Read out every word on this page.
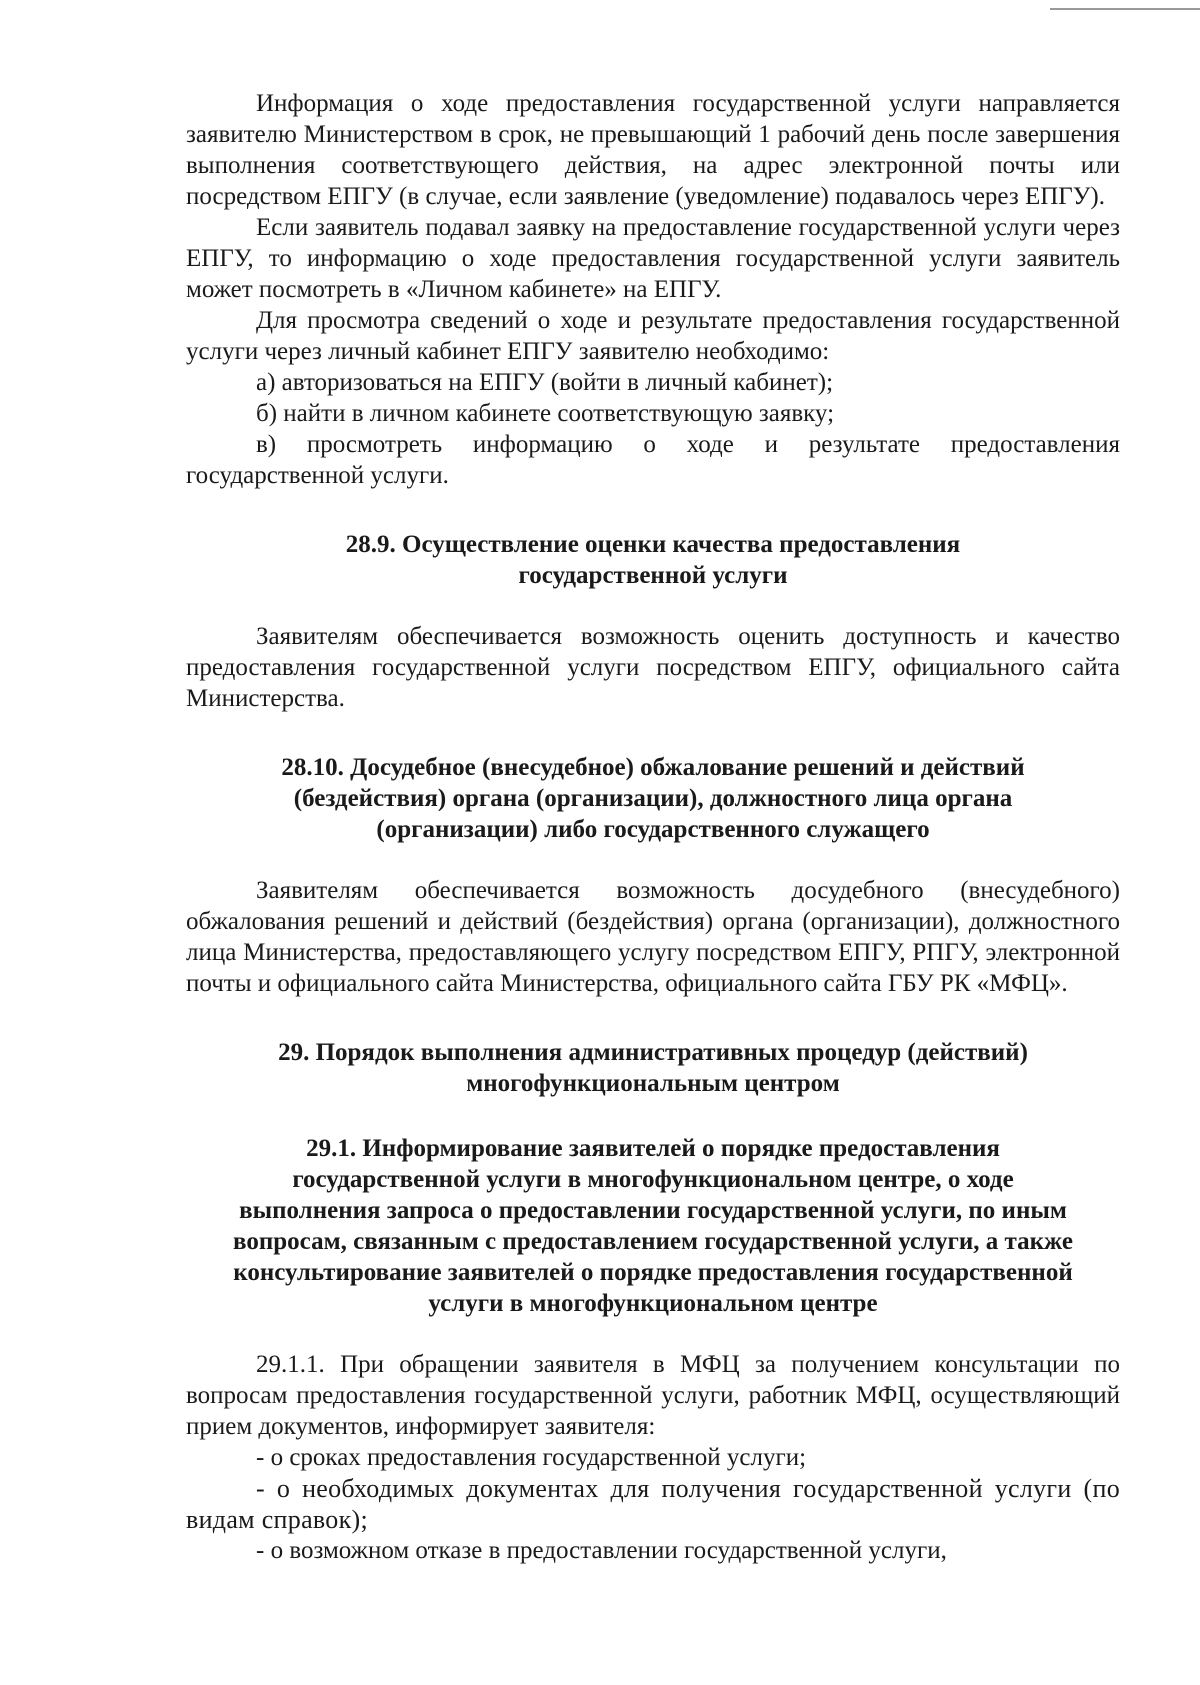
Информация о ходе предоставления государственной услуги направляется заявителю Министерством в срок, не превышающий 1 рабочий день после завершения выполнения соответствующего действия, на адрес электронной почты или посредством ЕПГУ (в случае, если заявление (уведомление) подавалось через ЕПГУ).

Если заявитель подавал заявку на предоставление государственной услуги через ЕПГУ, то информацию о ходе предоставления государственной услуги заявитель может посмотреть в «Личном кабинете» на ЕПГУ.

Для просмотра сведений о ходе и результате предоставления государственной услуги через личный кабинет ЕПГУ заявителю необходимо:

а) авторизоваться на ЕПГУ (войти в личный кабинет);

б) найти в личном кабинете соответствующую заявку;

в) просмотреть информацию о ходе и результате предоставления государственной услуги.

28.9. Осуществление оценки качества предоставления
государственной услуги

Заявителям обеспечивается возможность оценить доступность и качество предоставления государственной услуги посредством ЕПГУ, официального сайта Министерства.

28.10. Досудебное (внесудебное) обжалование решений и действий
(бездействия) органа (организации), должностного лица органа
(организации) либо государственного служащего

Заявителям обеспечивается возможность досудебного (внесудебного) обжалования решений и действий (бездействия) органа (организации), должностного лица Министерства, предоставляющего услугу посредством ЕПГУ, РПГУ, электронной почты и официального сайта Министерства, официального сайта ГБУ РК «МФЦ».

29. Порядок выполнения административных процедур (действий)
многофункциональным центром
29.1. Информирование заявителей о порядке предоставления
государственной услуги в многофункциональном центре, о ходе
выполнения запроса о предоставлении государственной услуги, по иным
вопросам, связанным с предоставлением государственной услуги, а также
консультирование заявителей о порядке предоставления государственной
услуги в многофункциональном центре

29.1.1. При обращении заявителя в МФЦ за получением консультации по вопросам предоставления государственной услуги, работник МФЦ, осуществляющий прием документов, информирует заявителя:

- о сроках предоставления государственной услуги;

- о необходимых документах для получения государственной услуги (по видам справок);

- о возможном отказе в предоставлении государственной услуги,
